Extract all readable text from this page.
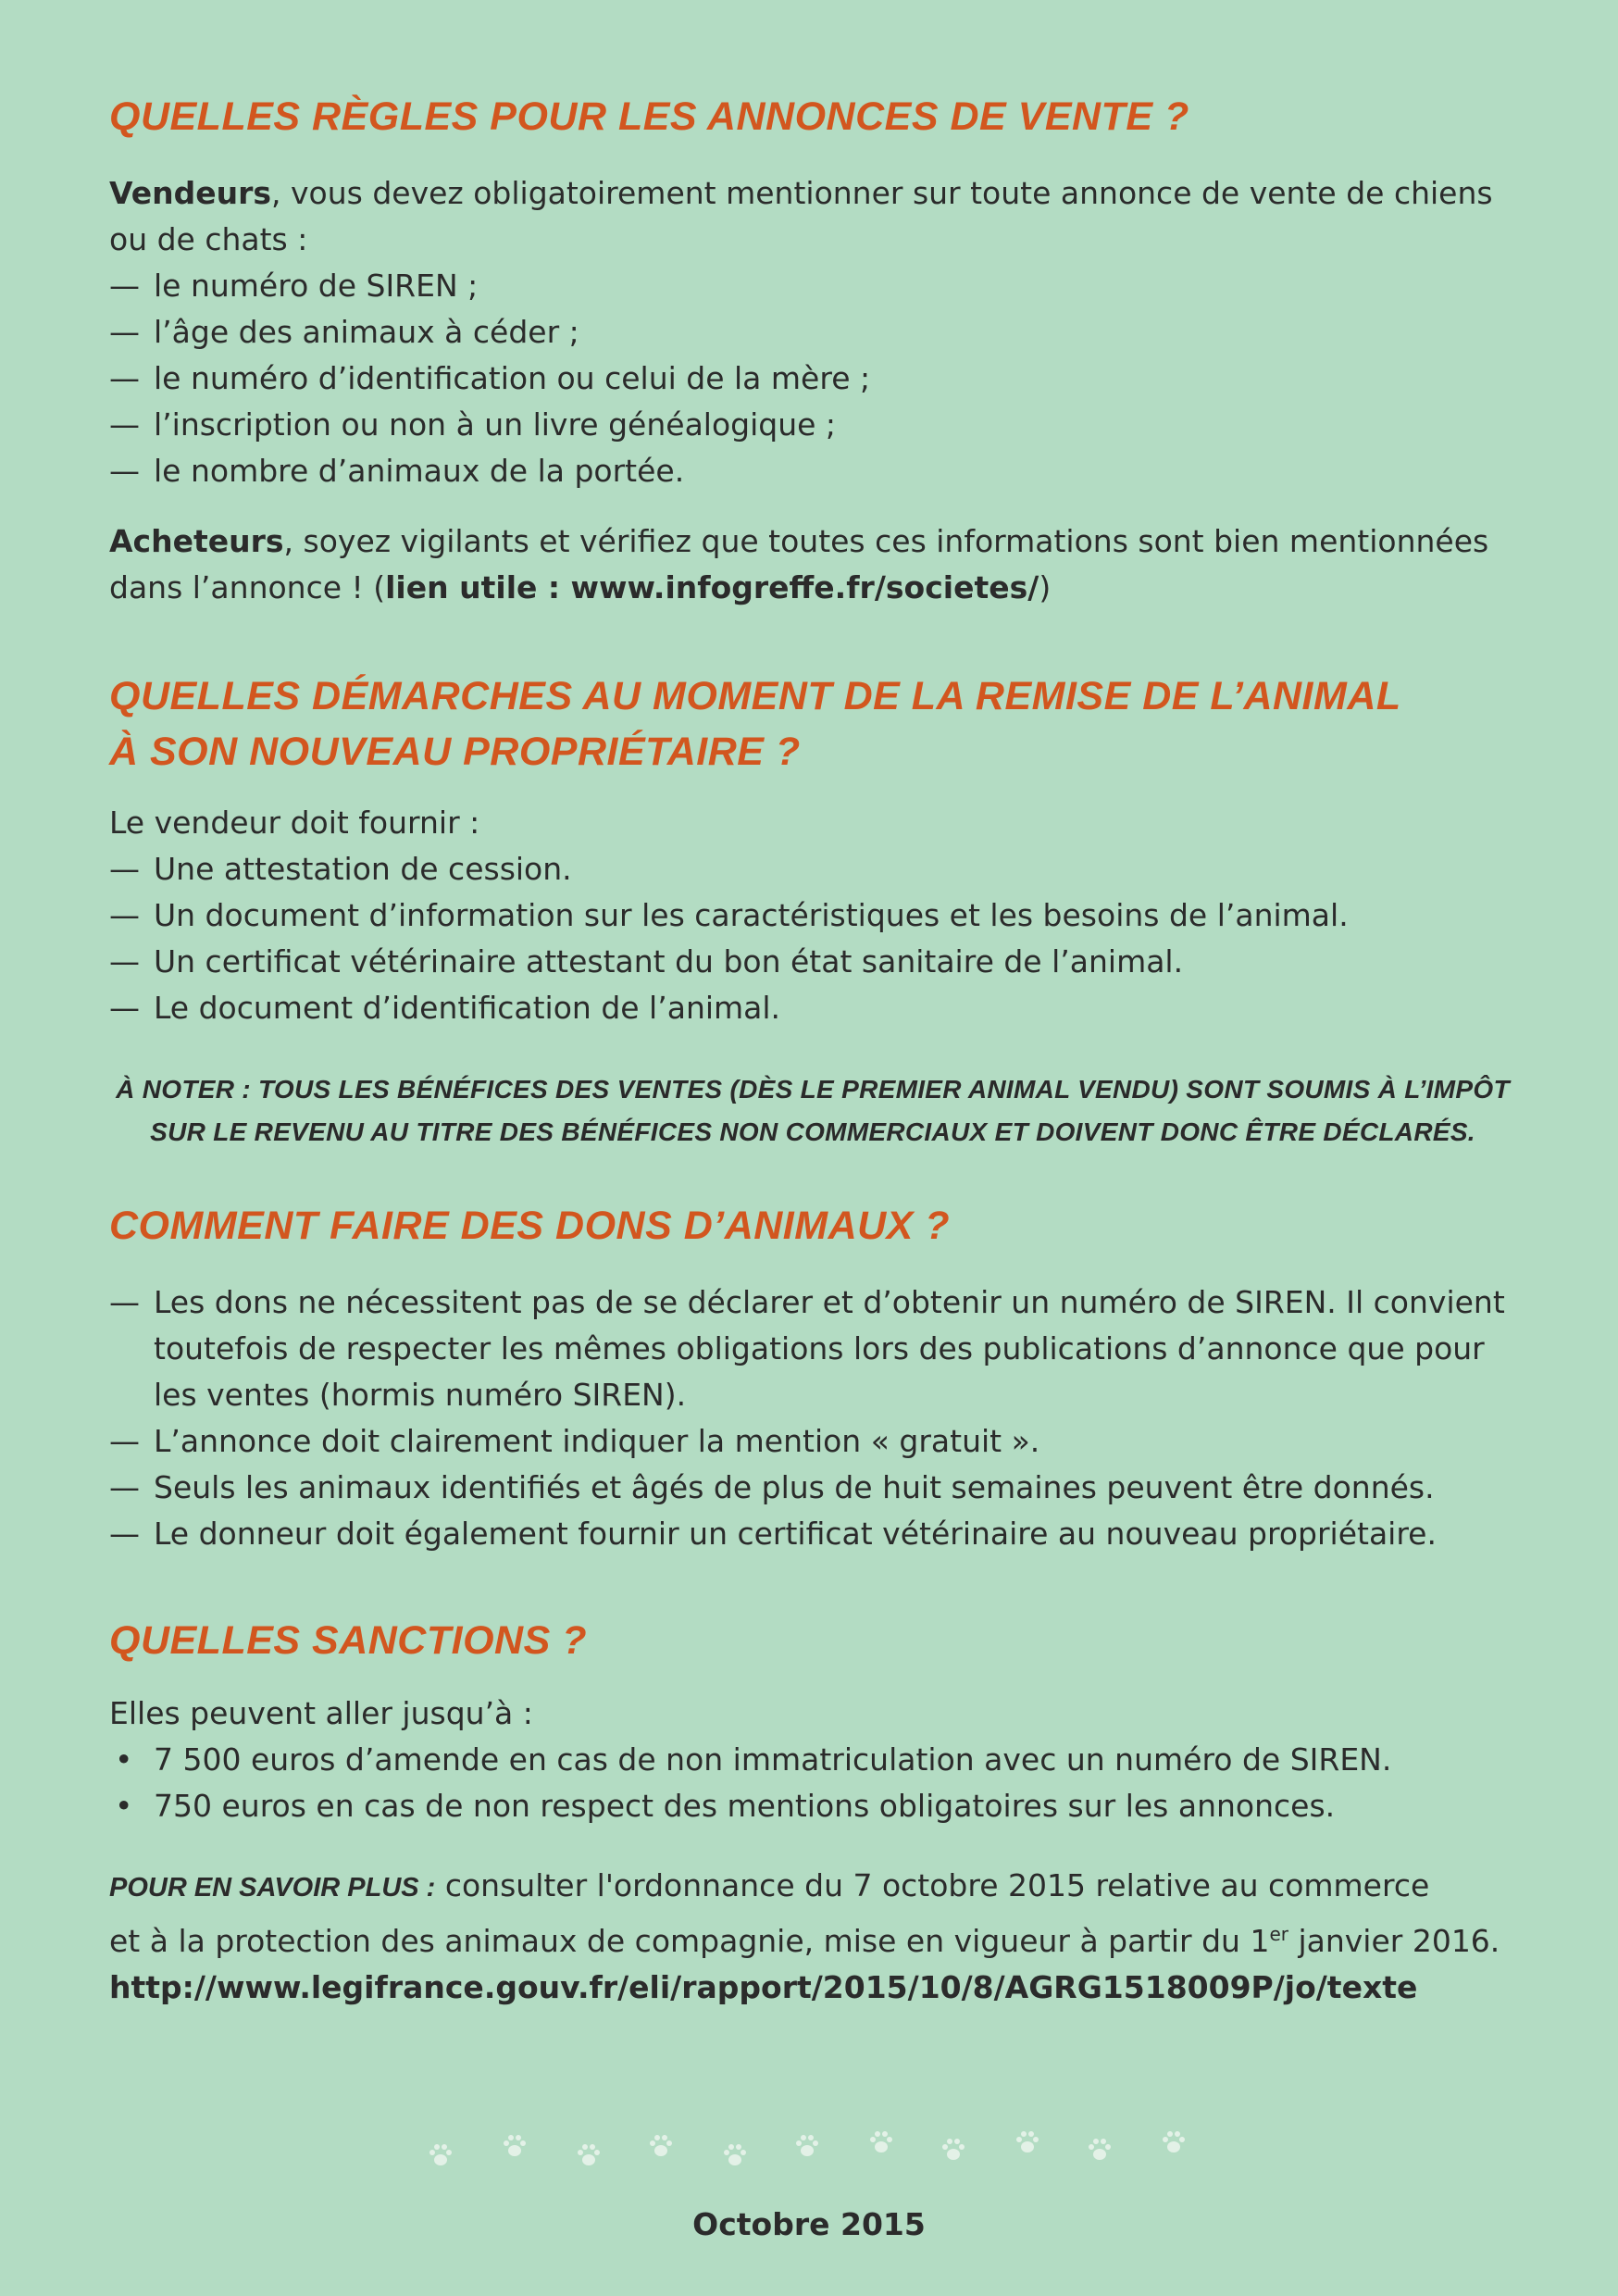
QUELLES RÈGLES POUR LES ANNONCES DE VENTE ?

Vendeurs, vous devez obligatoirement mentionner sur toute annonce de vente de chiens ou de chats :

— le numéro de SIREN ;
— l’âge des animaux à céder ;
— le numéro d’identification ou celui de la mère ;
— l’inscription ou non à un livre généalogique ;
— le nombre d’animaux de la portée.

Acheteurs, soyez vigilants et vérifiez que toutes ces informations sont bien mentionnées dans l’annonce ! (lien utile : www.infogreffe.fr/societes/)

QUELLES DÉMARCHES AU MOMENT DE LA REMISE DE L’ANIMAL
À SON NOUVEAU PROPRIÉTAIRE ?

Le vendeur doit fournir :

— Une attestation de cession.
— Un document d’information sur les caractéristiques et les besoins de l’animal.
— Un certificat vétérinaire attestant du bon état sanitaire de l’animal.
— Le document d’identification de l’animal.

À NOTER : TOUS LES BÉNÉFICES DES VENTES (DÈS LE PREMIER ANIMAL VENDU) SONT SOUMIS À L’IMPÔT
SUR LE REVENU AU TITRE DES BÉNÉFICES NON COMMERCIAUX ET DOIVENT DONC ÊTRE DÉCLARÉS.

COMMENT FAIRE DES DONS D’ANIMAUX ?
— Les dons ne nécessitent pas de se déclarer et d’obtenir un numéro de SIREN. Il convient toutefois de respecter les mêmes obligations lors des publications d’annonce que pour les ventes (hormis numéro SIREN).
— L’annonce doit clairement indiquer la mention « gratuit ».
— Seuls les animaux identifiés et âgés de plus de huit semaines peuvent être donnés.
— Le donneur doit également fournir un certificat vétérinaire au nouveau propriétaire.
QUELLES SANCTIONS ?

Elles peuvent aller jusqu’à :

• 7 500 euros d’amende en cas de non immatriculation avec un numéro de SIREN.
• 750 euros en cas de non respect des mentions obligatoires sur les annonces.

POUR EN SAVOIR PLUS : consulter l'ordonnance du 7 octobre 2015 relative au commerce
et à la protection des animaux de compagnie, mise en vigueur à partir du 1er janvier 2016.
http://www.legifrance.gouv.fr/eli/rapport/2015/10/8/AGRG1518009P/jo/texte

Octobre 2015
